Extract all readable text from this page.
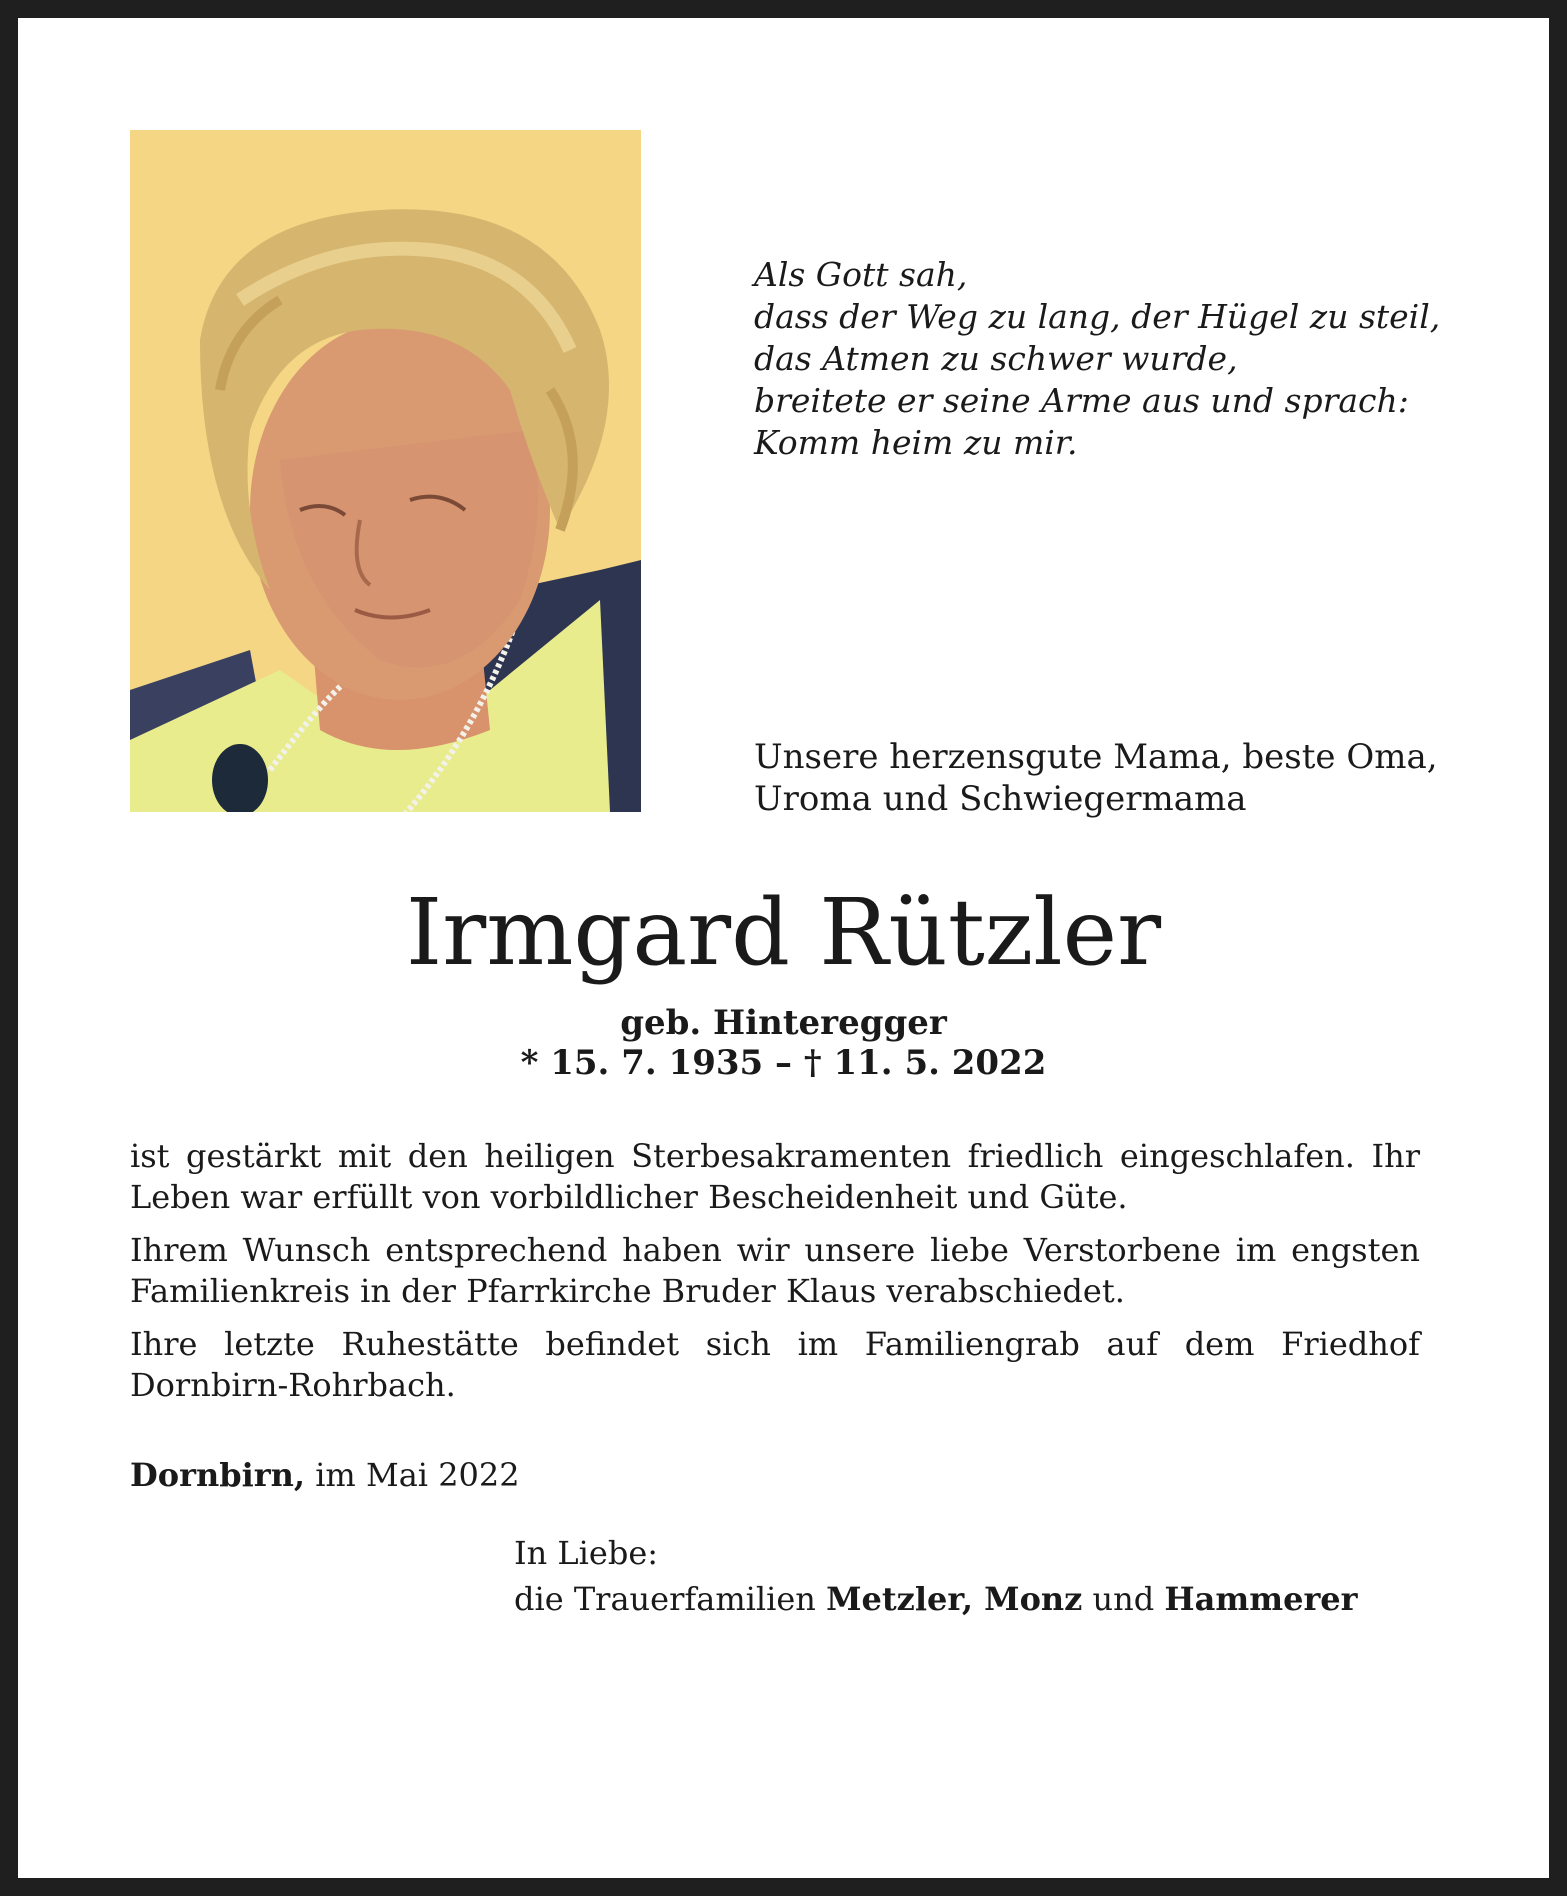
Als Gott sah,
dass der Weg zu lang, der Hügel zu steil,
das Atmen zu schwer wurde,
breitete er seine Arme aus und sprach:
Komm heim zu mir.
Unsere herzensgute Mama, beste Oma,
Uroma und Schwiegermama
Irmgard Rützler
geb. Hinteregger
* 15. 7. 1935 – † 11. 5. 2022

ist gestärkt mit den heiligen Sterbesakramenten friedlich eingeschlafen. Ihr Leben war erfüllt von vorbildlicher Bescheidenheit und Güte.

Ihrem Wunsch entsprechend haben wir unsere liebe Verstorbene im engsten Familienkreis in der Pfarrkirche Bruder Klaus verabschiedet.

Ihre letzte Ruhestätte befindet sich im Familiengrab auf dem Friedhof Dornbirn-Rohrbach.

Dornbirn, im Mai 2022
In Liebe:
die Trauerfamilien Metzler, Monz und Hammerer
